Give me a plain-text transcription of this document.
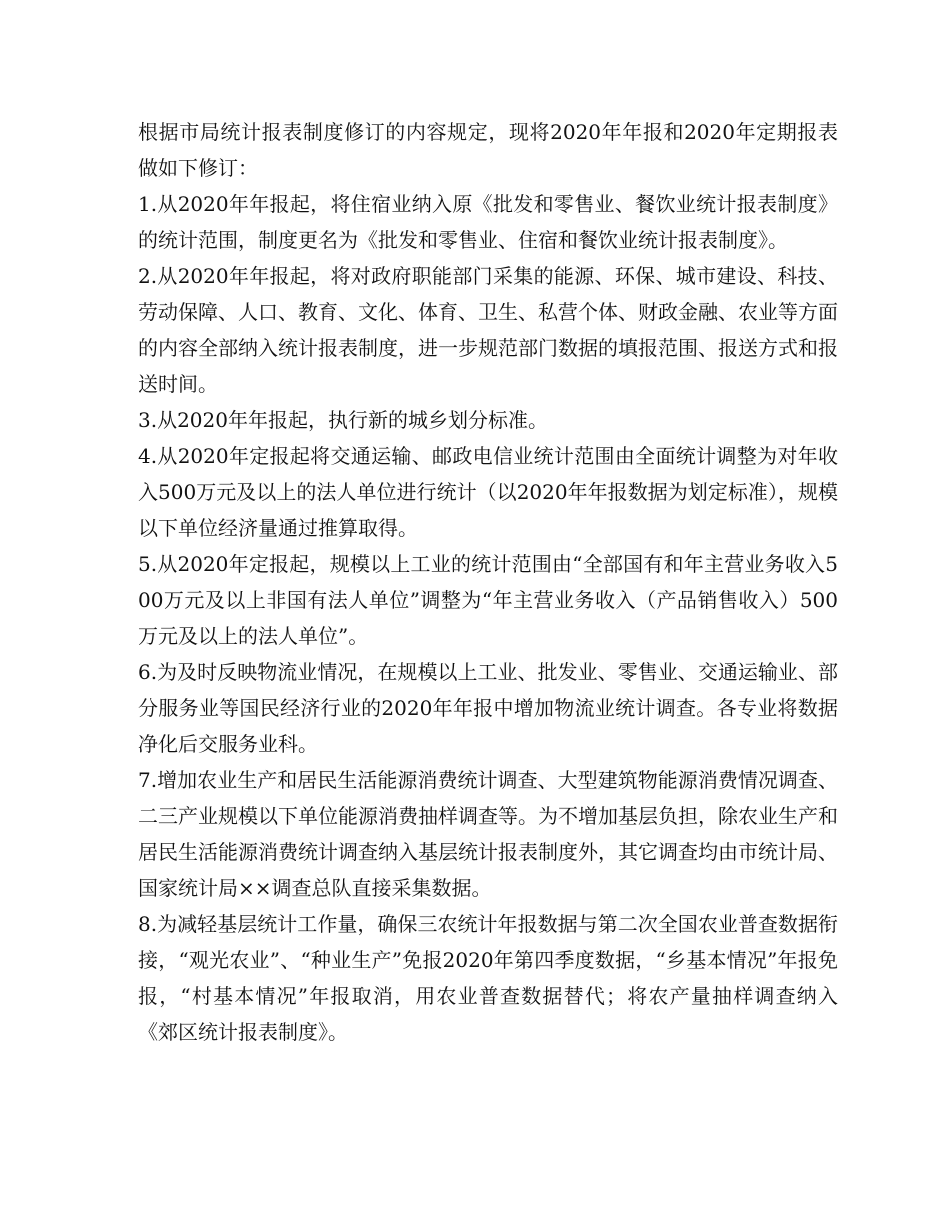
根据市局统计报表制度修订的内容规定，现将2020年年报和2020年定期报表做如下修订：

1.从2020年年报起，将住宿业纳入原《批发和零售业、餐饮业统计报表制度》的统计范围，制度更名为《批发和零售业、住宿和餐饮业统计报表制度》。

2.从2020年年报起，将对政府职能部门采集的能源、环保、城市建设、科技、劳动保障、人口、教育、文化、体育、卫生、私营个体、财政金融、农业等方面的内容全部纳入统计报表制度，进一步规范部门数据的填报范围、报送方式和报送时间。

3.从2020年年报起，执行新的城乡划分标准。

4.从2020年定报起将交通运输、邮政电信业统计范围由全面统计调整为对年收入500万元及以上的法人单位进行统计（以2020年年报数据为划定标准），规模以下单位经济量通过推算取得。

5.从2020年定报起，规模以上工业的统计范围由“全部国有和年主营业务收入500万元及以上非国有法人单位”调整为“年主营业务收入（产品销售收入）500万元及以上的法人单位”。

6.为及时反映物流业情况，在规模以上工业、批发业、零售业、交通运输业、部分服务业等国民经济行业的2020年年报中增加物流业统计调查。各专业将数据净化后交服务业科。

7.增加农业生产和居民生活能源消费统计调查、大型建筑物能源消费情况调查、二三产业规模以下单位能源消费抽样调查等。为不增加基层负担，除农业生产和居民生活能源消费统计调查纳入基层统计报表制度外，其它调查均由市统计局、国家统计局××调查总队直接采集数据。

8.为减轻基层统计工作量，确保三农统计年报数据与第二次全国农业普查数据衔接，“观光农业”、“种业生产”免报2020年第四季度数据，“乡基本情况”年报免报，“村基本情况”年报取消，用农业普查数据替代；将农产量抽样调查纳入《郊区统计报表制度》。
